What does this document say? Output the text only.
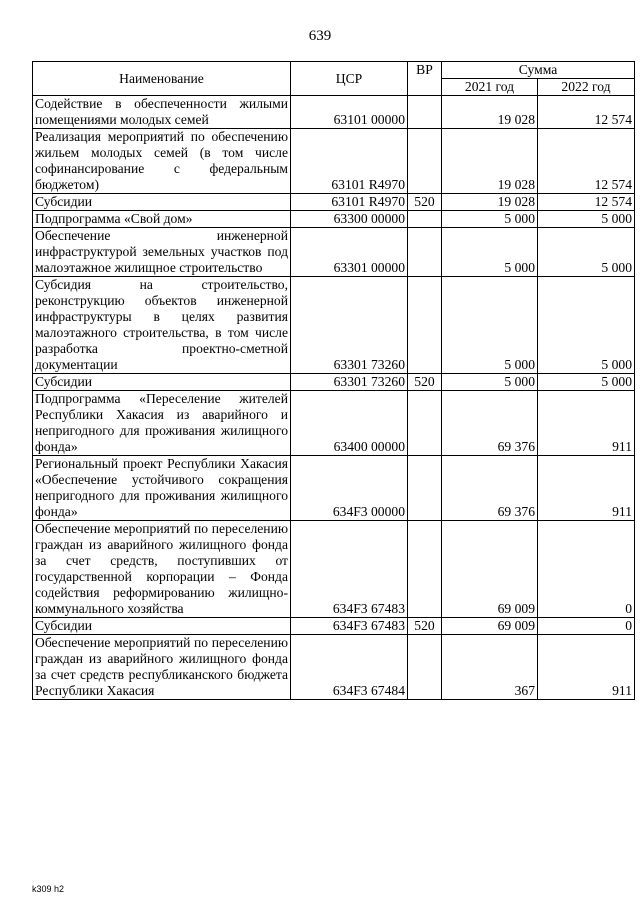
639
Наименование	ЦСР	ВР	Сумма	
			2021 год	2022 год
Содействие в обеспеченности жилыми помещениями молодых семей	63101 00000		19 028	12 574
Реализация мероприятий по обеспечению жильем молодых семей (в том числе софинансирование с федеральным бюджетом)	63101 R4970		19 028	12 574
Субсидии	63101 R4970	520	19 028	12 574
Подпрограмма «Свой дом»	63300 00000		5 000	5 000
Обеспечение инженерной инфраструктурой земельных участков под малоэтажное жилищное строительство	63301 00000		5 000	5 000
Субсидия на строительство, реконструкцию объектов инженерной инфраструктуры в целях развития малоэтажного строительства, в том числе разработка проектно-сметной документации	63301 73260		5 000	5 000
Субсидии	63301 73260	520	5 000	5 000
Подпрограмма «Переселение жителей Республики Хакасия из аварийного и непригодного для проживания жилищного фонда»	63400 00000		69 376	911
Региональный проект Республики Хакасия «Обеспечение устойчивого сокращения непригодного для проживания жилищного фонда»	634F3 00000		69 376	911
Обеспечение мероприятий по переселению граждан из аварийного жилищного фонда за счет средств, поступивших от государственной корпорации – Фонда содействия реформированию жилищно-коммунального хозяйства	634F3 67483		69 009	0
Субсидии	634F3 67483	520	69 009	0
Обеспечение мероприятий по переселению граждан из аварийного жилищного фонда за счет средств республиканского бюджета Республики Хакасия	634F3 67484		367	911
k309 h2
